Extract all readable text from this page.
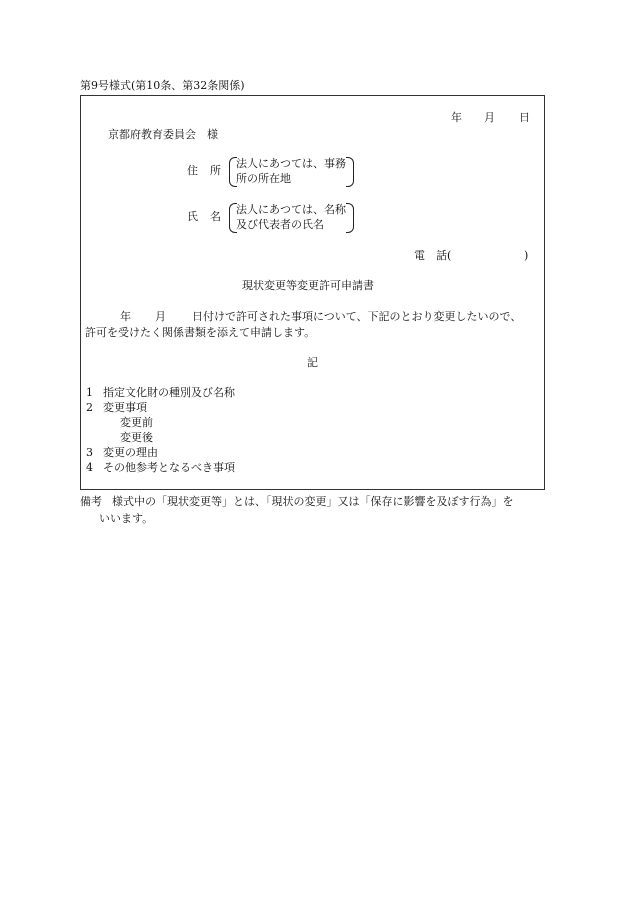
第9号様式(第10条、第32条関係)
年 月 日
京都府教育委員会　様
住 所
法人にあつては、事務
所の所在地
氏 名
法人にあつては、名称
及び代表者の氏名
電　話(	)
現状変更等変更許可申請書
年 月 日付けで許可された事項について、下記のとおり変更したいので、
許可を受けたく関係書類を添えて申請します。
記
1 指定文化財の種別及び名称
2 変更事項
変更前
変更後
3 変更の理由
4 その他参考となるべき事項
備考 様式中の「現状変更等」とは、「現状の変更」又は「保存に影響を及ぼす行為」を
いいます。
